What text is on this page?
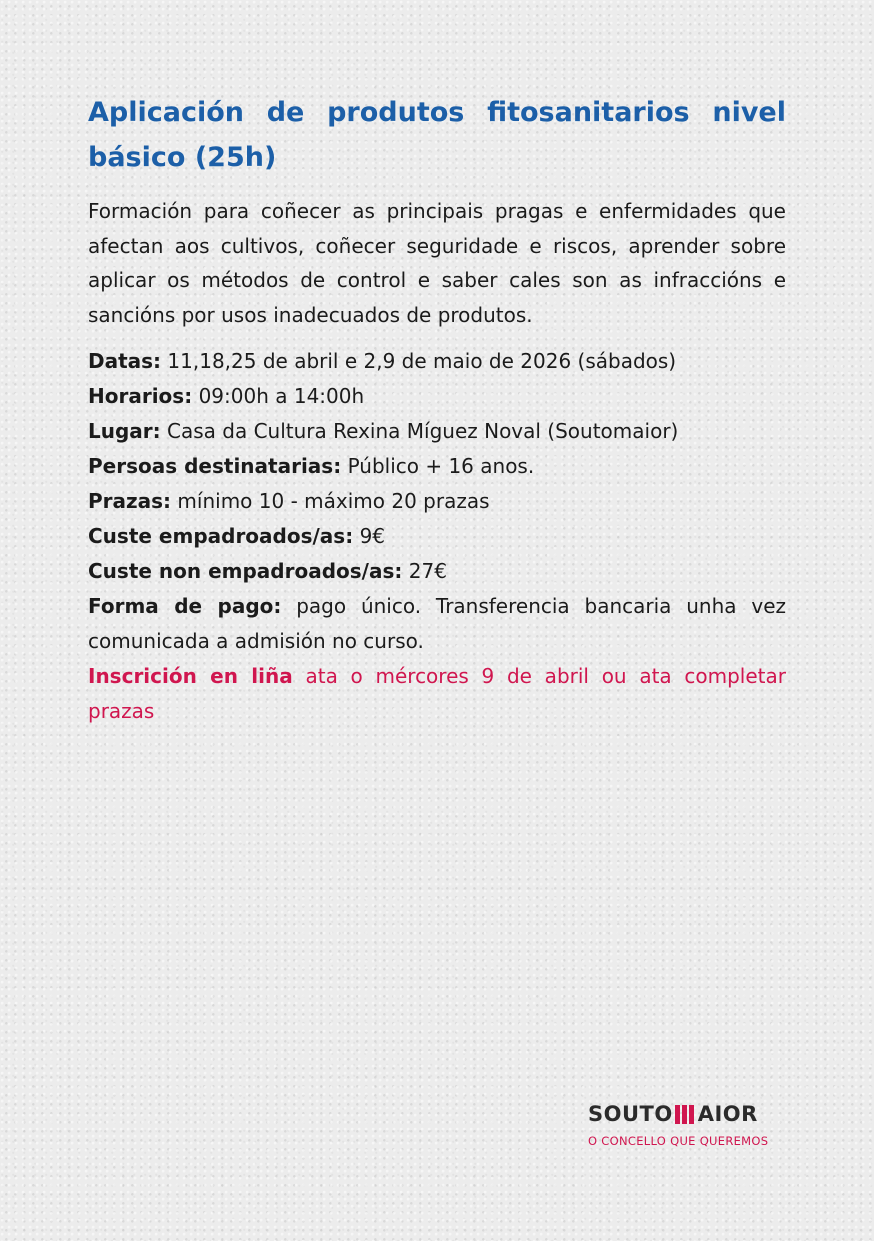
Aplicación de produtos fitosanitarios nivel básico (25h)

Formación para coñecer as principais pragas e enfermidades que afectan aos cultivos, coñecer seguridade e riscos, aprender sobre aplicar os métodos de control e saber cales son as infraccións e sancións por usos inadecuados de produtos.

Datas: 11,18,25 de abril e 2,9 de maio de 2026 (sábados)
Horarios: 09:00h a 14:00h
Lugar: Casa da Cultura Rexina Míguez Noval (Soutomaior)
Persoas destinatarias: Público + 16 anos.
Prazas: mínimo 10 - máximo 20 prazas
Custe empadroados/as: 9€
Custe non empadroados/as: 27€
Forma de pago: pago único. Transferencia bancaria unha vez comunicada a admisión no curso.
Inscrición en liña ata o mércores 9 de abril ou ata completar prazas
SOUTO AIOR
O CONCELLO QUE QUEREMOS
